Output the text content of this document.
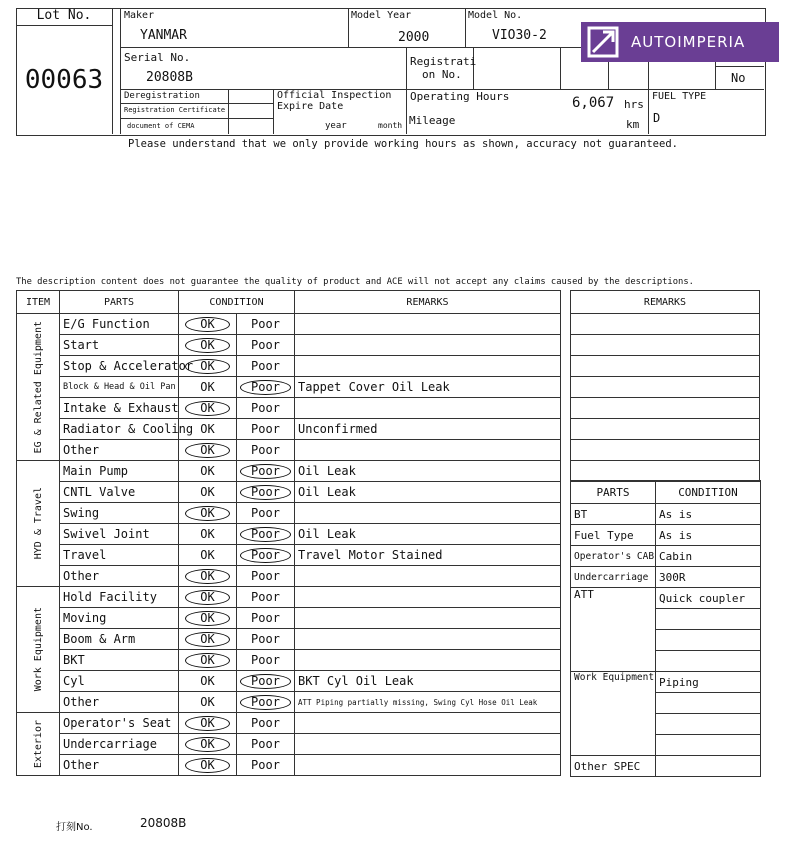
Lot No.
00063
Maker
YANMAR
Model Year
2000
Model No.
VIO30-2
Serial No.
20808B
Registrati
on No.	No
Deregistration
Registration Certificate
document of CEMA
Official Inspection
Expire Date
year	month
Operating Hours	6,067 hrs
Mileage	km
FUEL TYPE
D
Please understand that we only provide working hours as shown, accuracy not guaranteed.
AUTOIMPERIA
The description content does not guarantee the quality of product and ACE will not accept any claims caused by the descriptions.
ITEM	PARTS	CONDITION		REMARKS

EG & Related Equipment	E/G Function	OK	Poor	
	Start	OK	Poor	
	Stop & Accelerator	OK	Poor	
	Block & Head & Oil Pan	OK	Poor	Tappet Cover Oil Leak
	Intake & Exhaust	OK	Poor	
	Radiator & Cooling	OK	Poor	Unconfirmed
	Other	OK	Poor	

HYD & Travel	Main Pump	OK	Poor	Oil Leak
	CNTL Valve	OK	Poor	Oil Leak
	Swing	OK	Poor	
	Swivel Joint	OK	Poor	Oil Leak
	Travel	OK	Poor	Travel Motor Stained
	Other	OK	Poor	

Work Equipment	Hold Facility	OK	Poor	
	Moving	OK	Poor	
	Boom & Arm	OK	Poor	
	BKT	OK	Poor	
	Cyl	OK	Poor	BKT Cyl Oil Leak
	Other	OK	Poor	ATT Piping partially missing, Swing Cyl Hose Oil Leak

Exterior	Operator's Seat	OK	Poor	
	Undercarriage	OK	Poor	
	Other	OK	Poor	
REMARKS

PARTS	CONDITION
BT	As is
Fuel Type	As is
Operator's CAB	Cabin
Undercarriage	300R
ATT	Quick coupler

Work Equipment	Piping

Other SPEC	
打刻No.	20808B
